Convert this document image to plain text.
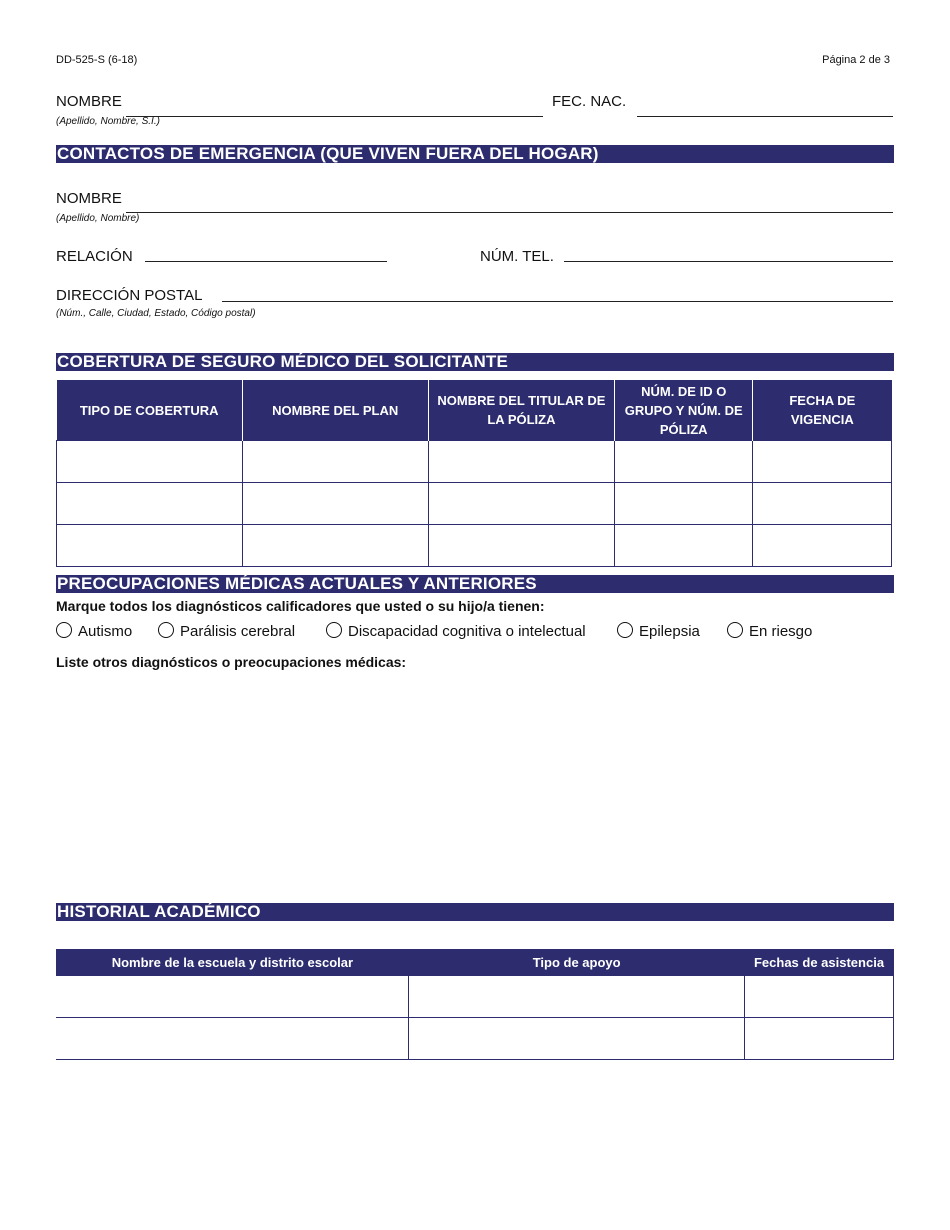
DD-525-S (6-18)	Página 2 de 3
NOMBRE
(Apellido, Nombre, S.I.)
FEC. NAC.
CONTACTOS DE EMERGENCIA (QUE VIVEN FUERA DEL HOGAR)
NOMBRE
(Apellido, Nombre)
RELACIÓN	NÚM. TEL.
DIRECCIÓN POSTAL
(Núm., Calle, Ciudad, Estado, Código postal)
COBERTURA DE SEGURO MÉDICO DEL SOLICITANTE
TIPO DE COBERTURA	NOMBRE DEL PLAN	NOMBRE DEL TITULAR DE LA PÓLIZA	NÚM. DE ID O GRUPO Y NÚM. DE PÓLIZA	FECHA DE VIGENCIA

PREOCUPACIONES MÉDICAS ACTUALES Y ANTERIORES
Marque todos los diagnósticos calificadores que usted o su hijo/a tienen:
Autismo	Parálisis cerebral	Discapacidad cognitiva o intelectual	Epilepsia	En riesgo
Liste otros diagnósticos o preocupaciones médicas:
HISTORIAL ACADÉMICO
Nombre de la escuela y distrito escolar	Tipo de apoyo	Fechas de asistencia
